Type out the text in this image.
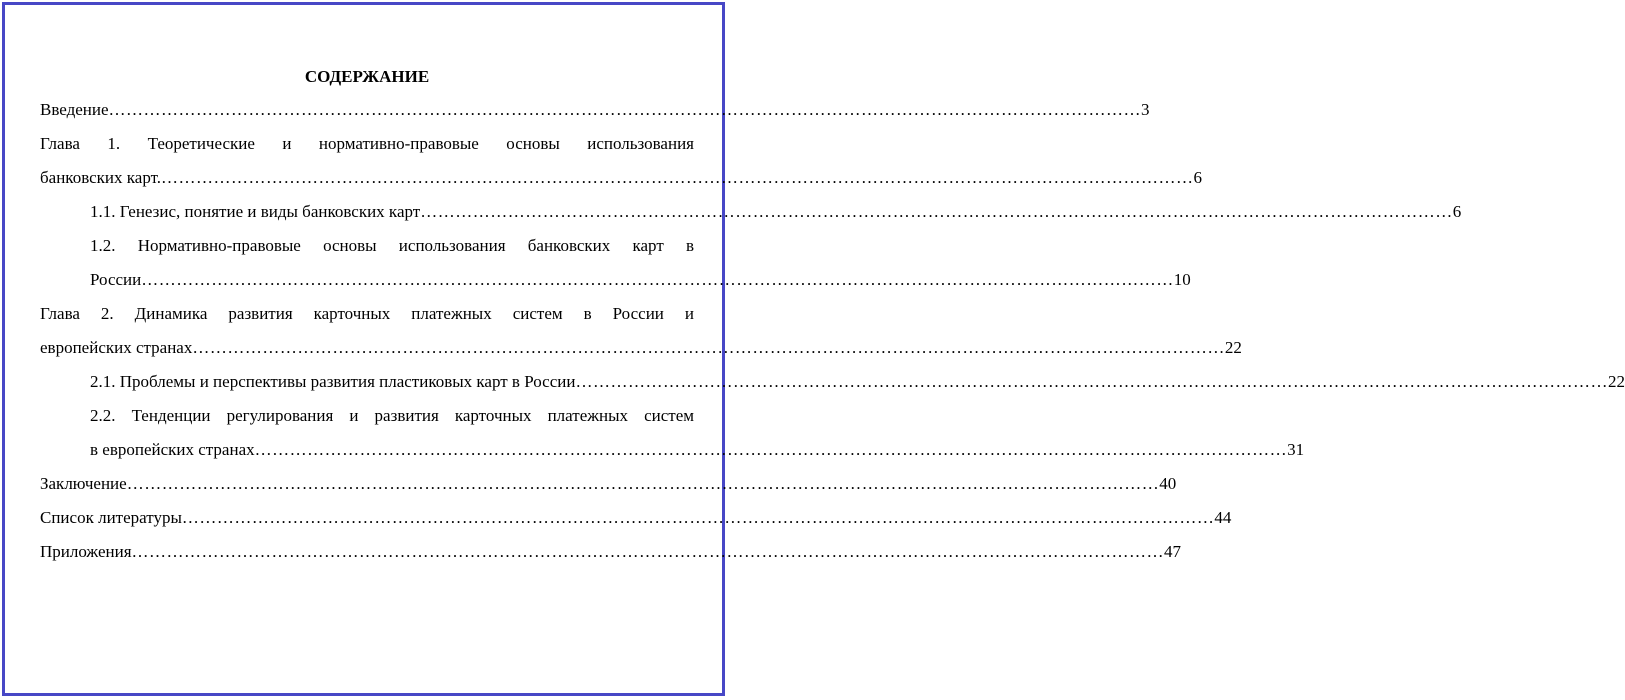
СОДЕРЖАНИЕ
Введение …………………………………………………………………………………………………………………………………………………………… 3
Глава 1. Теоретические и нормативно-правовые основы использования
банковских карт. …………………………………………………………………………………………………………………………………………………………… 6
1.1. Генезис, понятие и виды банковских карт …………………………………………………………………………………………………………………………………………………………… 6
1.2. Нормативно-правовые основы использования банковских карт в
России …………………………………………………………………………………………………………………………………………………………… 10
Глава 2. Динамика развития карточных платежных систем в России и
европейских странах …………………………………………………………………………………………………………………………………………………………… 22
2.1. Проблемы и перспективы развития пластиковых карт в России …………………………………………………………………………………………………………………………………………………………… 22
2.2. Тенденции регулирования и развития карточных платежных систем
в европейских странах …………………………………………………………………………………………………………………………………………………………… 31
Заключение …………………………………………………………………………………………………………………………………………………………… 40
Список литературы …………………………………………………………………………………………………………………………………………………………… 44
Приложения …………………………………………………………………………………………………………………………………………………………… 47
